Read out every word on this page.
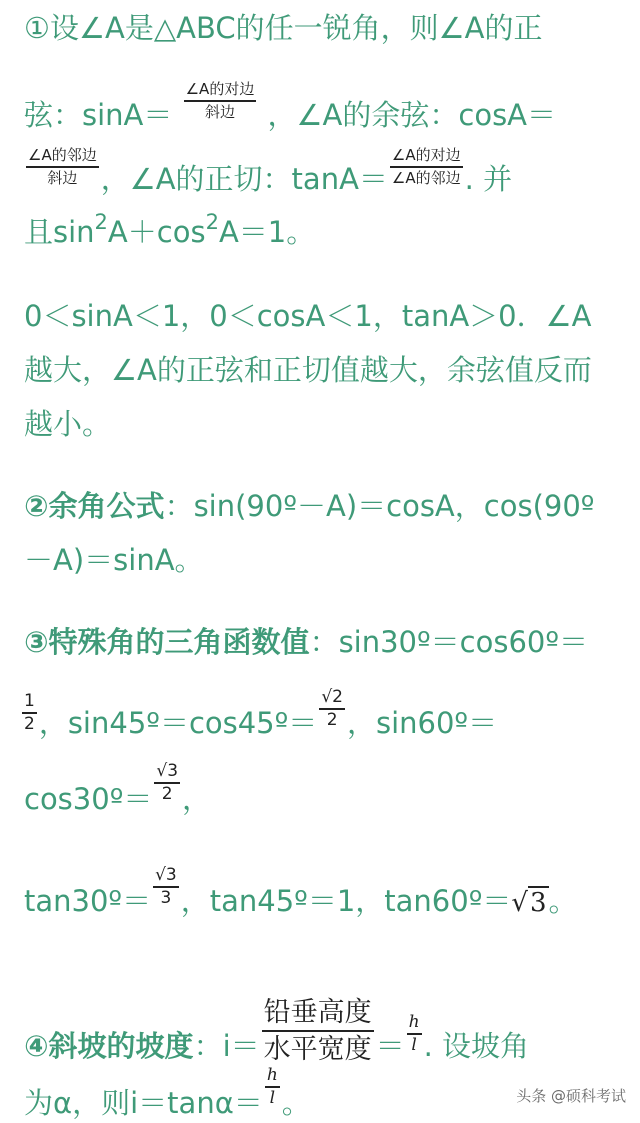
①设∠A是△ABC的任一锐角，则∠A的正
弦：$\sin A= \frac{\text{∠A的对边}}{\text{斜边}}$ ，∠A的余弦：cosA＝
$\frac{\text{∠A的邻边}}{\text{斜边}}$ ，∠A的正切：$\tan A= \frac{\text{∠A的对边}}{\text{∠A的邻边}}$ . 并
且$\sin^2A+\cos^2A=1$。
0＜sinA＜1，0＜cosA＜1，tanA＞0．∠A
越大，∠A的正弦和正切值越大，余弦值反而
越小。
②余角公式：sin(90º－A)＝cosA，cos(90º
－A)＝sinA。
③特殊角的三角函数值：sin30º＝cos60º＝
$\frac{1}{2}$ ，sin45º＝cos45º＝ $\frac{√2}{2}$ ，sin60º＝
cos30º＝ $\frac{√3}{2}$ ，
tan30º＝ $\frac{√3}{3}$ ，tan45º＝1，tan60º＝√3。
④斜坡的坡度：$i= \frac{\text{铅垂高度}}{\text{水平宽度}} = \frac{h}{l}$ . 设坡角
为α，则$i=\tan\alpha= \frac{h}{l}$ 。	头条 @硕科考试
